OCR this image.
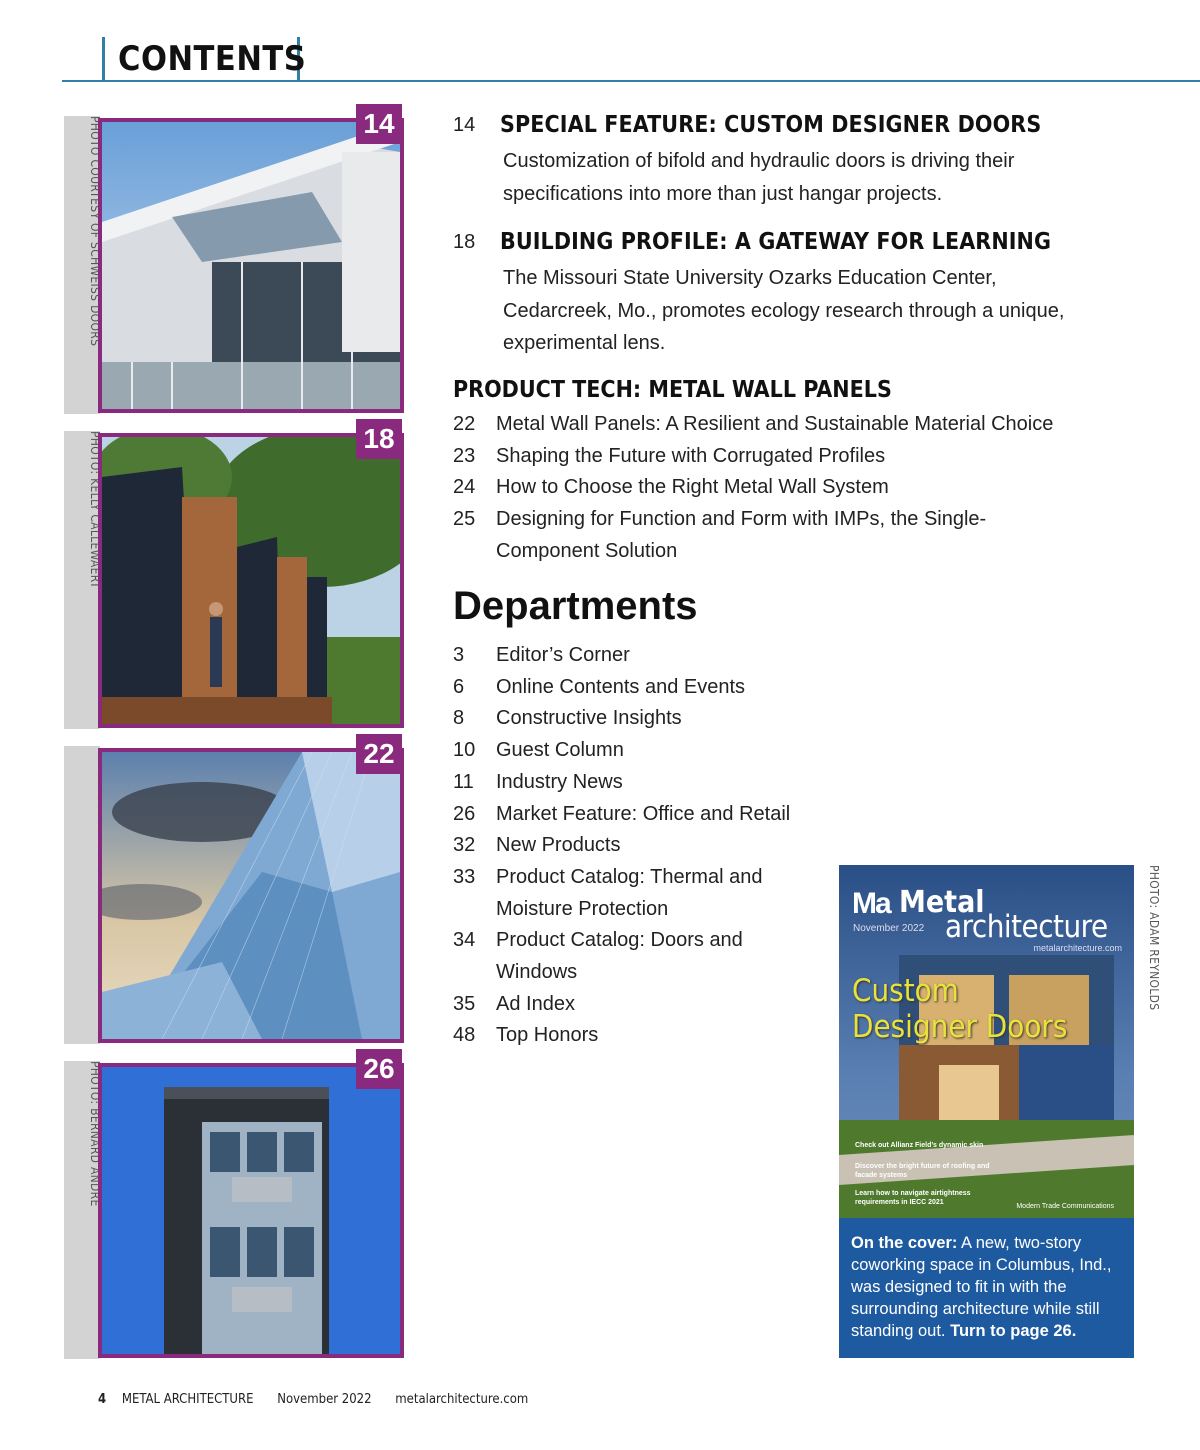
CONTENTS
PHOTO COURTESY OF SCHWEISS DOORS	14
PHOTO: KELLY CALLEWAERT	18
22
PHOTO: BERNARD ANDRE	26
14 SPECIAL FEATURE: CUSTOM DESIGNER DOORS
Customization of bifold and hydraulic doors is driving their
specifications into more than just hangar projects.
18 BUILDING PROFILE: A GATEWAY FOR LEARNING
The Missouri State University Ozarks Education Center,
Cedarcreek, Mo., promotes ecology research through a unique,
experimental lens.
PRODUCT TECH: METAL WALL PANELS
22	Metal Wall Panels: A Resilient and Sustainable Material Choice
23	Shaping the Future with Corrugated Profiles
24	How to Choose the Right Metal Wall System
25	Designing for Function and Form with IMPs, the Single-
Component Solution
Departments
3	Editor’s Corner
6	Online Contents and Events
8	Constructive Insights
10	Guest Column
11	Industry News
26	Market Feature: Office and Retail
32	New Products
33	Product Catalog: Thermal and
Moisture Protection
34	Product Catalog: Doors and
Windows
35	Ad Index
48	Top Honors
Ma Metal
architecture
November 2022
metalarchitecture.com
Custom
Designer Doors
Check out Allianz Field’s dynamic skin
Discover the bright future of roofing and facade systems
Learn how to navigate airtightness requirements in IECC 2021
Modern Trade Communications
On the cover: A new, two-story coworking space in Columbus, Ind., was designed to fit in with the surrounding architecture while still standing out. Turn to page 26.
PHOTO: ADAM REYNOLDS
4 METAL ARCHITECTURE November 2022 metalarchitecture.com
